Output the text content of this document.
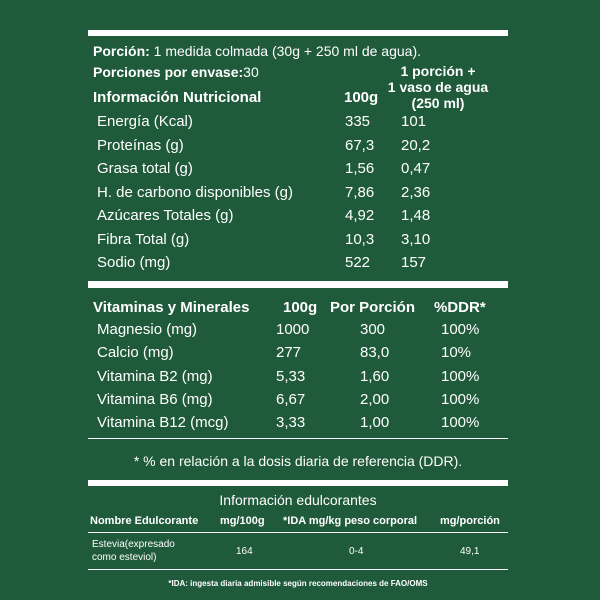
Porción: 1 medida colmada (30g + 250 ml de agua).
Porciones por envase:30	1 porción +
1 vaso de agua
(250 ml)
Información Nutricional	100g
Energía (Kcal)	335 101
Proteínas (g)	67,3 20,2
Grasa total (g)	1,56 0,47
H. de carbono disponibles (g)	7,86 2,36
Azúcares Totales (g)	4,92 1,48
Fibra Total (g)	10,3 3,10
Sodio (mg)	522 157
Vitaminas y Minerales 100g Por Porción %DDR*
Magnesio (mg)	1000	300	100%
Calcio (mg)	277	83,0	10%
Vitamina B2 (mg)	5,33	1,60	100%
Vitamina B6 (mg)	6,67	2,00	100%
Vitamina B12 (mcg)	3,33	1,00	100%
* % en relación a la dosis diaria de referencia (DDR).
Información edulcorantes
Nombre Edulcorante mg/100g *IDA mg/kg peso corporal mg/porción
Estevia(expresado
como esteviol)
164	0-4	49,1
*IDA: ingesta diaria admisible según recomendaciones de FAO/OMS
